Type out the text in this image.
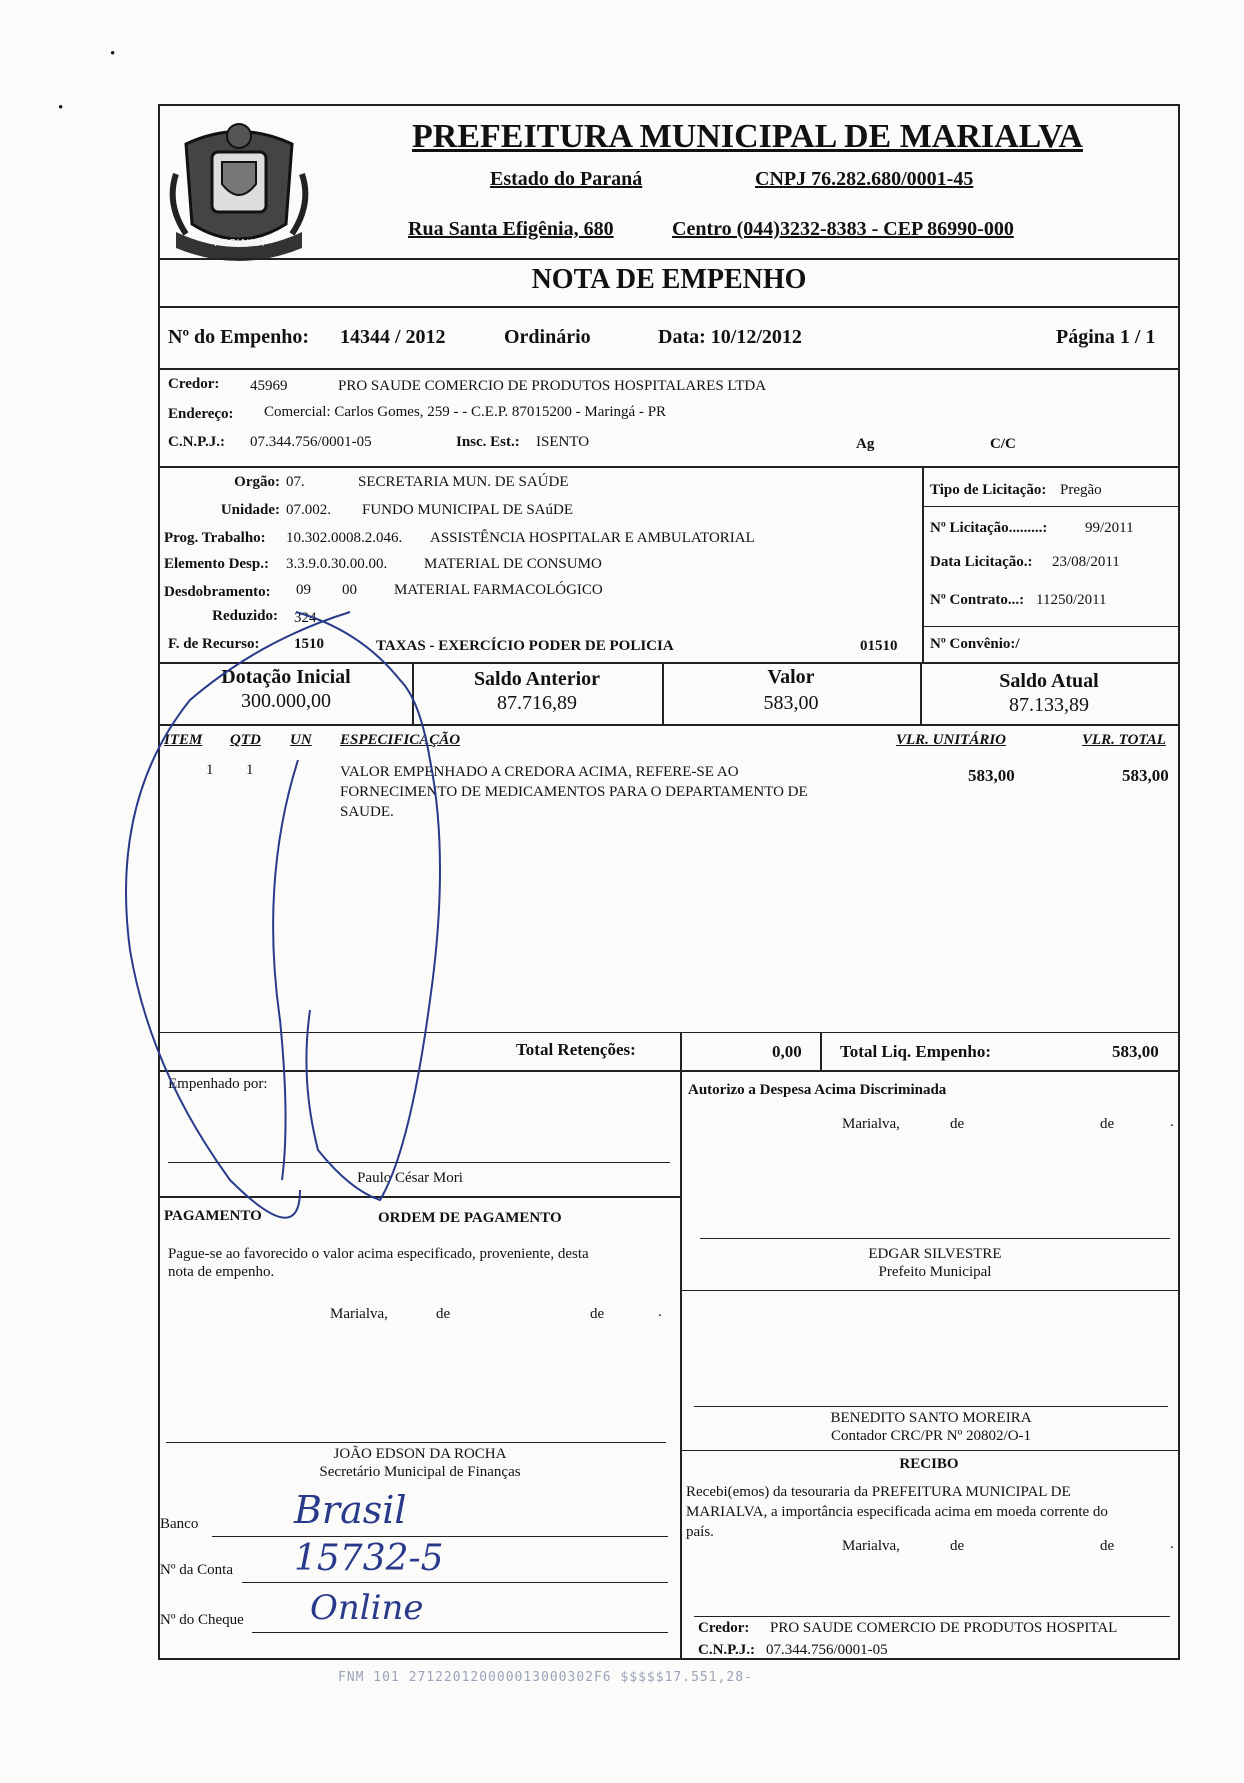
•
•
MARIALVA
PREFEITURA MUNICIPAL DE MARIALVA
Estado do Paraná	CNPJ 76.282.680/0001-45
Rua Santa Efigênia, 680	Centro (044)3232-8383 - CEP 86990-000
NOTA DE EMPENHO
Nº do Empenho: 14344 / 2012	Ordinário	Data: 10/12/2012	Página 1 / 1
Credor: 45969	PRO SAUDE COMERCIO DE PRODUTOS HOSPITALARES LTDA
Endereço: Comercial: Carlos Gomes, 259 - - C.E.P. 87015200 - Maringá - PR
C.N.P.J.: 07.344.756/0001-05	Insc. Est.: ISENTO	Ag	C/C
Orgão: 07.	SECRETARIA MUN. DE SAÚDE
Unidade: 07.002. FUNDO MUNICIPAL DE SAúDE
Prog. Trabalho: 10.302.0008.2.046. ASSISTÊNCIA HOSPITALAR E AMBULATORIAL
Elemento Desp.: 3.3.9.0.30.00.00. MATERIAL DE CONSUMO
Desdobramento: 09 00 MATERIAL FARMACOLÓGICO
Reduzido: 324
F. de Recurso: 1510	TAXAS - EXERCÍCIO PODER DE POLICIA	01510
Tipo de Licitação: Pregão
Nº Licitação.........:	99/2011
Data Licitação.: 23/08/2011
Nº Contrato...: 11250/2011
Nº Convênio:/
Dotação Inicial
300.000,00
Saldo Anterior
87.716,89
Valor
583,00
Saldo Atual
87.133,89
ITEM QTD UN ESPECIFICAÇÃO	VLR. UNITÁRIO	VLR. TOTAL
1 1	VALOR EMPENHADO A CREDORA ACIMA, REFERE-SE AO
FORNECIMENTO DE MEDICAMENTOS PARA O DEPARTAMENTO DE
SAUDE.
583,00	583,00
Total Retenções:	0,00 Total Liq. Empenho:	583,00
Empenhado por:
Paulo César Mori
PAGAMENTO	ORDEM DE PAGAMENTO
Pague-se ao favorecido o valor acima especificado, proveniente, desta
nota de empenho.
Marialva,	de	de	.
JOÃO EDSON DA ROCHA
Secretário Municipal de Finanças
Banco	Brasil
Nº da Conta 15732-5
Nº do Cheque Online
Autorizo a Despesa Acima Discriminada
Marialva,	de	de	.
EDGAR SILVESTRE
Prefeito Municipal
BENEDITO SANTO MOREIRA
Contador CRC/PR Nº 20802/O-1
RECIBO
Recebi(emos) da tesouraria da PREFEITURA MUNICIPAL DE
MARIALVA, a importância especificada acima em moeda corrente do
país.
Marialva,	de	de	.
Credor: PRO SAUDE COMERCIO DE PRODUTOS HOSPITAL
C.N.P.J.: 07.344.756/0001-05
FNM 101 271220120000013000302F6 $$$$$17.551,28-
